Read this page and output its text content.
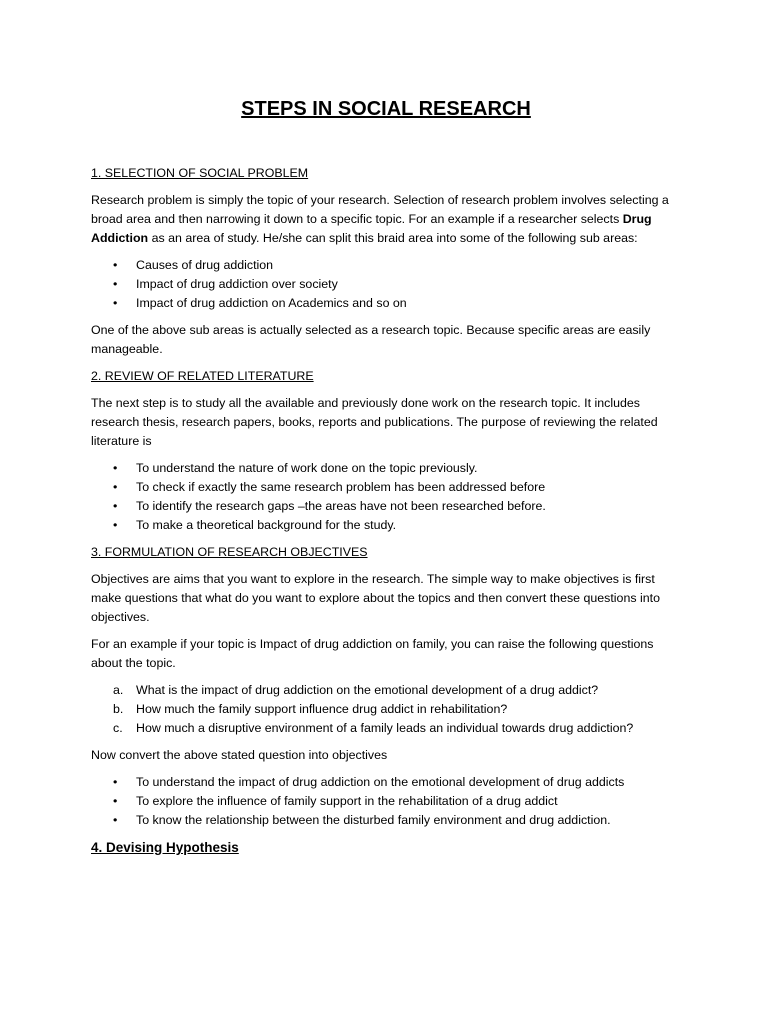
STEPS IN SOCIAL RESEARCH
1. SELECTION OF SOCIAL PROBLEM
Research problem is simply the topic of your research. Selection of research problem involves selecting a broad area and then narrowing it down to a specific topic. For an example if a researcher selects Drug Addiction as an area of study. He/she can split this braid area into some of the following sub areas:
• Causes of drug addiction
• Impact of drug addiction over society
• Impact of drug addiction on Academics and so on
One of the above sub areas is actually selected as a research topic. Because specific areas are easily manageable.
2. REVIEW OF RELATED LITERATURE
The next step is to study all the available and previously done work on the research topic. It includes research thesis, research papers, books, reports and publications. The purpose of reviewing the related literature is
• To understand the nature of work done on the topic previously.
• To check if exactly the same research problem has been addressed before
• To identify the research gaps –the areas have not been researched before.
• To make a theoretical background for the study.
3. FORMULATION OF RESEARCH OBJECTIVES
Objectives are aims that you want to explore in the research. The simple way to make objectives is first make questions that what do you want to explore about the topics and then convert these questions into objectives.
For an example if your topic is Impact of drug addiction on family, you can raise the following questions about the topic.
a. What is the impact of drug addiction on the emotional development of a drug addict?
b. How much the family support influence drug addict in rehabilitation?
c. How much a disruptive environment of a family leads an individual towards drug addiction?
Now convert the above stated question into objectives
• To understand the impact of drug addiction on the emotional development of drug addicts
• To explore the influence of family support in the rehabilitation of a drug addict
• To know the relationship between the disturbed family environment and drug addiction.
4. Devising Hypothesis
